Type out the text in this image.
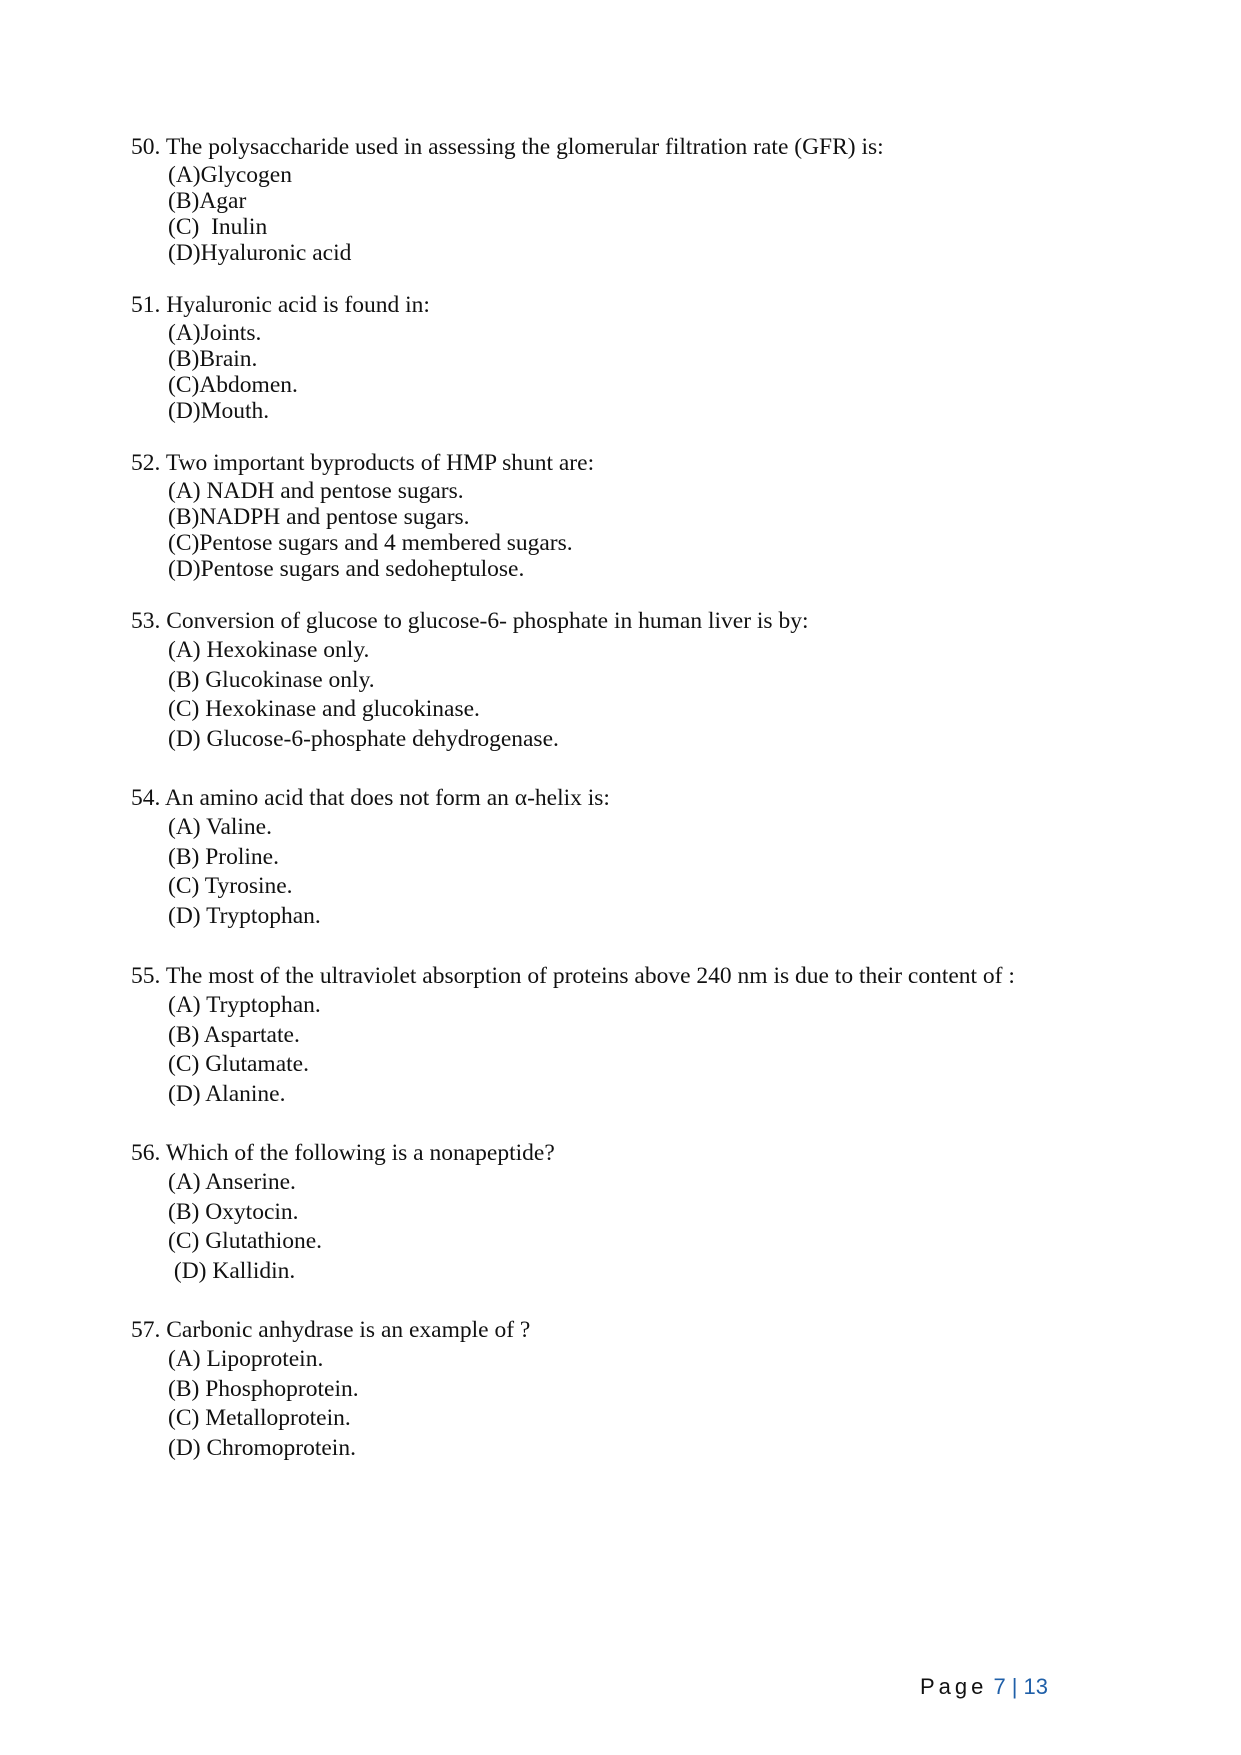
50. The polysaccharide used in assessing the glomerular filtration rate (GFR) is:
(A)Glycogen
(B)Agar
(C)  Inulin
(D)Hyaluronic acid
51. Hyaluronic acid is found in:
(A)Joints.
(B)Brain.
(C)Abdomen.
(D)Mouth.
52. Two important byproducts of HMP shunt are:
(A) NADH and pentose sugars.
(B)NADPH and pentose sugars.
(C)Pentose sugars and 4 membered sugars.
(D)Pentose sugars and sedoheptulose.
53. Conversion of glucose to glucose-6- phosphate in human liver is by:
(A) Hexokinase only.
(B) Glucokinase only.
(C) Hexokinase and glucokinase.
(D) Glucose-6-phosphate dehydrogenase.
54. An amino acid that does not form an α-helix is:
(A) Valine.
(B) Proline.
(C) Tyrosine.
(D) Tryptophan.
55. The most of the ultraviolet absorption of proteins above 240 nm is due to their content of :
(A) Tryptophan.
(B) Aspartate.
(C) Glutamate.
(D) Alanine.
56. Which of the following is a nonapeptide?
(A) Anserine.
(B) Oxytocin.
(C) Glutathione.
(D) Kallidin.
57. Carbonic anhydrase is an example of ?
(A) Lipoprotein.
(B) Phosphoprotein.
(C) Metalloprotein.
(D) Chromoprotein.
Page 7 | 13
